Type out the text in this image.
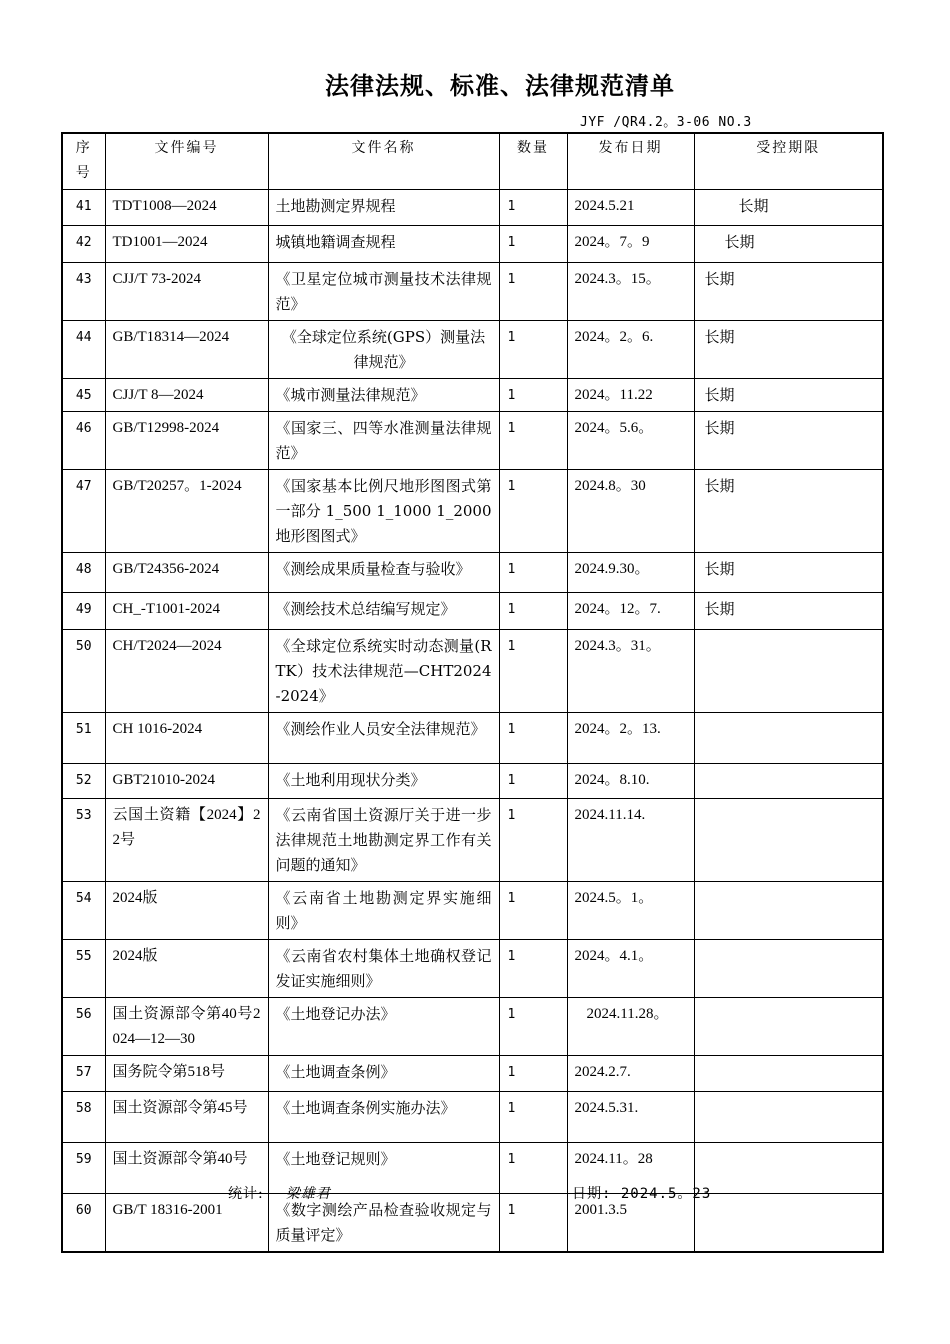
法律法规、标准、法律规范清单
JYF /QR4.2。3-06 NO.3
序号	文件编号	文件名称	数量	发布日期	受控期限
41	TDT1008—2024	土地勘测定界规程	1	2024.5.21	长期
42	TD1001—2024	城镇地籍调查规程	1	2024。7。9	长期
43	CJJ/T 73-2024	《卫星定位城市测量技术法律规范》	1	2024.3。15。	长期
44	GB/T18314—2024	《全球定位系统(GPS）测量法律规范》	1	2024。2。6.	长期
45	CJJ/T 8—2024	《城市测量法律规范》	1	2024。11.22	长期
46	GB/T12998-2024	《国家三、四等水准测量法律规范》	1	2024。5.6。	长期
47	GB/T20257。1-2024	《国家基本比例尺地形图图式第一部分 1_500 1_1000 1_2000 地形图图式》	1	2024.8。30	长期
48	GB/T24356-2024	《测绘成果质量检查与验收》	1	2024.9.30。	长期
49	CH_-T1001-2024	《测绘技术总结编写规定》	1	2024。12。7.	长期
50	CH/T2024—2024	《全球定位系统实时动态测量(RTK）技术法律规范—CHT2024-2024》	1	2024.3。31。	
51	CH 1016-2024	《测绘作业人员安全法律规范》	1	2024。2。13.	
52	GBT21010-2024	《土地利用现状分类》	1	2024。8.10.	
53	云国土资籍【2024】22号	《云南省国土资源厅关于进一步法律规范土地勘测定界工作有关问题的通知》	1	2024.11.14.	
54	2024版	《云南省土地勘测定界实施细则》	1	2024.5。1。	
55	2024版	《云南省农村集体土地确权登记发证实施细则》	1	2024。4.1。	
56	国土资源部令第40号2024—12—30	《土地登记办法》	1	2024.11.28。	
57	国务院令第518号	《土地调查条例》	1	2024.2.7.	
58	国土资源部令第45号	《土地调查条例实施办法》	1	2024.5.31.	
59	国土资源部令第40号	《土地登记规则》	1	2024.11。28	
60	GB/T 18316-2001	《数字测绘产品检查验收规定与质量评定》	1	2001.3.5	
统计: 梁雄君	日期: 2024.5。23
